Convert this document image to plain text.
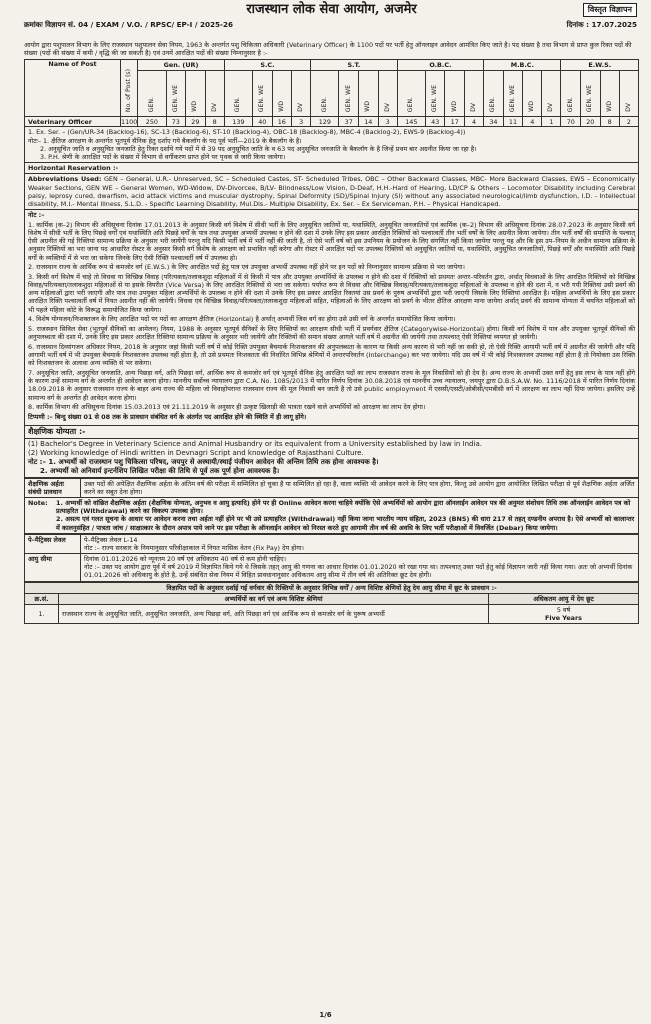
राजस्थान लोक सेवा आयोग, अजमेर	विस्तृत विज्ञापन
क्रमांकः विज्ञापन सं. 04 / EXAM / V.O. / RPSC/ EP-I / 2025-26	दिनांक : 17.07.2025

आयोग द्वारा पशुपालन विभाग के लिए राजस्थान पशुपालन सेवा नियम, 1963 के अन्तर्गत पशु चिकित्सा अधिकारी (Veterinary Officer) के 1100 पदों पर भर्ती हेतु ऑनलाइन आवेदन आमंत्रित किए जाते है। पद संख्या है तथा विभाग से प्राप्त कुल रिक्त पदों की संख्या (पदों की संख्या में कमी / वृद्धि की जा सकती है) एवं उनमें आरक्षित पदों की संख्या निम्नानुसार है :-

Name of Post	No. of Post (s)	Gen. (UR)				S.C.				S.T.				O.B.C.				M.B.C.				E.W.S.			
		GEN.	GEN. WE	WD	DV	GEN.	GEN. WE	WD	DV	GEN.	GEN. WE	WD	DV	GEN.	GEN. WE	WD	DV	GEN.	GEN. WE	WD	DV	GEN.	GEN. WE	WD	DV
Veterinary Officer	1100	250	73	29	8	139	40	16	3	129	37	14	3	145	43	17	4	34	11	4	1	70	20	8	2

1. Ex. Ser. – (Gen/UR-34 (Backlog-16), SC-13 (Backlog-6), ST-10 (Backlog-4), OBC-18 (Backlog-8), MBC-4 (Backlog-2), EWS-9 (Backlog-4))

नोटः– 1. क्षैतिज आरक्षण के अन्तर्गत भूतपूर्व सैनिक हेतु दर्शाए गये बैकलॉग के पद पूर्व भर्ती—2019 के बैकलॉग के है।

2. अनुसूचित जाति व अनुसूचित जनजाति हेतु रिक्त दर्शाये गये पदों में से 39 पद अनुसूचित जाति के व 63 पद अनुसूचित जनजाति के बैकलॉग के है जिन्हें प्रथम बार अग्रनीत किया जा रहा है।

3. P.H. श्रेणी के आरक्षित पदों के संख्या में विभाग से वर्गीकरण प्राप्त होने पर पृथक से जारी किया जायेगा।

Horizontal Reservation :-

Abbreviations Used: GEN – General, U.R.- Unreserved, SC – Scheduled Castes, ST- Scheduled Tribes, OBC – Other Backward Classes, MBC- More Backward Classes, EWS – Economically Weaker Sections, GEN WE – General Women, WD-Widow, DV-Divorcee, B/LV- Blindness/Low Vision, D-Deaf, H.H.-Hard of Hearing, LD/CP & Others – Locomotor Disability including Cerebral palsy, leprosy cured, dwarfism, acid attack victims and muscular dystrophy, Spinal Deformity (SD)/Spinal Injury (SI) without any associated neurological/limb dysfunction, I.D. - Intellectual disability, M.I.- Mental Illness, S.L.D. - Specific Learning Disability, Mul.Dis.- Multiple Disability, Ex. Ser. – Ex Serviceman, P.H. – Physical Handicaped.

नोट :–

1. कार्मिक (क–2) विभाग की अधिसूचना दिनांक 17.01.2013 के अनुसार किसी वर्ग विशेष में सीधी भर्ती के लिए अनुसूचित जातियों या, यथास्थिति, अनुसूचित जनजातियों एवं कार्मिक (क–2) विभाग की अधिसूचना दिनांक 28.07.2023 के अनुसार किसी वर्ग विशेष में सीधी भर्ती के लिए पिछड़े वर्गों एवं यथास्थिति अति पिछड़े वर्गों के पात्र तथा उपयुक्त अभ्यर्थी उपलब्ध न होने की दशा में उनके लिए इस प्रकार आरक्षित रिक्तियों को पश्चात्वर्ती तीन भर्ती वर्षों के लिए अग्रनीत किया जायेगा। तीन भर्ती वर्षों की समाप्ति के पश्चात् ऐसी अग्रनीत की गई रिक्तियां सामान्य प्रक्रिया के अनुसार भरी जायेंगी परन्तु यदि किसी भर्ती वर्ष में भर्ती नहीं की जाती है, तो ऐसे भर्ती वर्ष को इस उपनियम के प्रयोजन के लिए संगणित नहीं किया जायेगा परन्तु यह और कि इस उप–नियम के अधीन सामान्य प्रक्रिया के अनुसार रिक्तियों का भरा जाना पद आधारित रोस्टर के अनुसार किसी वर्ग विशेष के आरक्षण को प्रभावित नहीं करेगा और रोस्टर में आरक्षित पदों पर उपलब्ध रिक्तियों को अनुसूचित जातियों या, यथास्थिति, अनुसूचित जनजातियों, पिछड़े वर्गों और यथास्थिति अति पिछड़े वर्गों के व्यक्तियों में से भरा जा सकेगा जिनके लिए ऐसी रिक्ति पश्चात्वर्ती वर्ष में उपलब्ध हो।

2. राजस्थान राज्य के आर्थिक रूप से कमजोर वर्ग (E.W.S.) के लिए आरक्षित पदों हेतु पात्र एवं उपयुक्त अभ्यर्थी उपलब्ध नहीं होने पर इन पदों को निम्नानुसार सामान्य प्रक्रिया से भरा जायेगा।

3. किसी वर्ग विशेष में चाहे तो विधवा या विच्छिन्न विवाह (परित्यक्ता/तलाकशुदा महिलाओं में से किसी में पात्र और उपयुक्त अभ्यर्थियों के उपलब्ध न होने की दशा में रिक्तियों को प्रथमतः अन्तर–परिवर्तन द्वारा, अर्थात् विधवाओं के लिए आरक्षित रिक्तियों को विच्छिन्न विवाह/परित्यक्ता/तलाकशुदा महिलाओं से या इसके विपरीत (Vice Versa) के लिए आरक्षित रिक्तियों से भरा जा सकेगा। पर्याप्त रूप से विधवा और विच्छिन्न विवाह/परित्यक्ता/तलाकशुदा महिलाओं के उपलब्ध न होने की दशा में, न भरी गयी रिक्तियां उसी प्रवर्ग की अन्य महिलाओं द्वारा भरी जाएगी और पात्र तथा उपयुक्त महिला अभ्यर्थियों के उपलब्ध न होने की दशा में उनके लिए इस प्रकार आरक्षित रिक्तयां उस प्रवर्ग के पुरुष अभ्यर्थियों द्वारा भरी जाएगी जिसके लिए रिक्तियां आरक्षित है। महिला अभ्यर्थियों के लिए इस प्रकार आरक्षित रिक्ति पश्चात्वर्ती वर्ष में नियत अग्रनीत नहीं की जायेगी। विधवा एवं विच्छिन्न विवाह/परित्यक्ता/तलाकशुदा महिलाओं सहित, महिलाओं के लिए आरक्षण को प्रवर्ग के भीतर क्षैतिज आरक्षण माना जायेगा अर्थात् प्रवर्ग की सामान्य योग्यता में चयनित महिलाओं को भी पहले महिला कोटे के विरूद्ध समायोजित किया जायेगा।

4. विशेष योग्यजन/निःशक्तजन के लिए आरक्षित पदों पर पदों का आरक्षण क्षैतिज (Horizontal) है अर्थात् अभ्यर्थी जिस वर्ग का होगा उसे उसी वर्ग के अन्तर्गत समायोजित किया जायेगा।

5. राजस्थान सिविल सेवा (भूतपूर्व सैनिकों का आमेलन) नियम, 1988 के अनुसार भूतपूर्व सैनिकों के लिए रिक्तियों का आरक्षण सीधी भर्ती में प्रवर्गवार क्षैतिज (Categorywise-Horizontal) होगा। किसी वर्ग विशेष में पात्र और उपयुक्त भूतपूर्व सैनिकों की अनुपलब्धता की दशा में, उनके लिए इस प्रकार आरक्षित रिक्तियां सामान्य प्रक्रिया के अनुसार भरी जायेंगी और रिक्तियों की समान संख्या आगले भर्ती वर्ष में अग्रनीत की जायेगी तथा तत्पश्चात् ऐसी रिक्तियां व्यपगत हो जायेगी।

6. राजस्थान दिव्यांगजन अधिकार नियम, 2018 के अनुसार जहां किसी भर्ती वर्ष में कोई रिक्ति उपयुक्त बैचमार्क निःशक्तजन की अनुपलब्धता के कारण या किसी अन्य कारण से भरी नहीं जा सकी हो, तो ऐसी रिक्ति आगामी भर्ती वर्ष में अग्रनीत की जायेगी और यदि आगामी भर्ती वर्ष में भी उपयुक्त बैचमार्क निःशक्तजन उपलब्ध नहीं होता है, तो उसे प्रथमतः निःशक्तता की निर्धारित विभिन्न श्रेणियों में अन्तरपरिवर्तन (Interchange) कर भरा जायेगा। यदि उस वर्ष में भी कोई निःशक्तजन उपलब्ध नहीं होता है तो नियोक्ता उस रिक्ति को निःशक्तजन के अलावा अन्य व्यक्ति से भर सकेगा।

7. अनुसूचित जाति, अनुसूचित जनजाति, अन्य पिछड़ा वर्ग, अति पिछड़ा वर्ग, आर्थिक रूप से कमजोर वर्ग एवं भूतपूर्व सैनिक हेतु आरक्षित पदों का लाभ राजस्थान राज्य के मूल निवासियों को ही देय है। अन्य राज्य के अभ्यर्थी उक्त वर्गों हेतु इस लाभ के पात्र नहीं होंगे के कारण उन्हें सामान्य वर्ग के अन्तर्गत ही आवेदन करना होगा। माननीय सर्वोच्च न्यायालय द्वारा C.A. No. 1085/2013 में पारित निर्णय दिनांक 30.08.2018 एवं माननीय उच्च न्यायालय, जयपुर द्वारा D.B.S.A.W. No. 1116/2018 में पारित निर्णय दिनांक 18.09.2018 के अनुसार राजस्थान राज्य के बाहर अन्य राज्य की महिला जो विवाहोपरान्त राजस्थान राज्य की मूल निवासी बन जाती है तो उसे public employment में एससी/एसटी/ओबीसी/एमबीसी वर्ग में आरक्षण का लाभ नहीं दिया जायेगा। इसलिए उन्हें सामान्य वर्ग के अन्तर्गत ही आवेदन करना होगा।

8. कार्मिक विभाग की अधिसूचना दिनांक 15.03.2013 एवं 21.11.2019 के अनुसार ही उत्कृष्ट खिलाड़ी की पात्रता रखने वाले अभ्यर्थियों को आरक्षण का लाभ देय होगा।

टिप्पणी :– बिन्दु संख्या 01 से 08 तक के प्रावधान संबंधित वर्ग के अंतर्गत पद आरक्षित होने की स्थिति में ही लागू होंगे।

शैक्षणिक योग्यता :-

(1) Bachelor's Degree in Veterinary Science and Animal Husbandry or its equivalent from a University established by law in India.

(2) Working knowledge of Hindi written in Devnagri Script and knowledge of Rajasthani Culture.

नोट :– 1. अभ्यर्थी को राजस्थान पशु चिकित्सा परिषद, जयपुर से अस्थायी/स्थाई पंजीयन आवेदन की अन्तिम तिथि तक होना आवश्यक है।

2. अभ्यर्थी को अनिवार्य इन्टर्नशिप लिखित परीक्षा की तिथि से पूर्व तक पूर्ण होना आवश्यक है।

शैक्षणिक अर्हता संबंधी प्रावधान	उक्त पदों की अपेक्षित शैक्षणिक अर्हता के अंतिम वर्ष की परीक्षा में सम्मिलित हो चुका है या सम्मिलित हो रहा है, वाला व्यक्ति भी आवेदन करने के लिए पात्र होगा, किन्तु उसे आयोग द्वारा आयोजित लिखित परीक्षा से पूर्व शैक्षणिक अर्हता अर्जित करने का सबूत देना होगा।
Note:	1. अभ्यर्थी को वांछित शैक्षणिक अर्हता (शैक्षणिक योग्यता, अनुभव व आयु इत्यादि) होने पर ही Online आवेदन करना चाहिये क्योंकि ऐसे अभ्यर्थियों को आयोग द्वारा ऑनलाईन आवेदन पत्र की अनुमत संशोधन तिथि तक ऑनलाईन आवेदन पत्र को प्रत्याहरित (Withdrawal) करने का विकल्प उपलब्ध होगा।

2. असत्य एवं गलत सूचना के आधार पर आवेदन करना तथा अर्हता नहीं होने पर भी उसे प्रत्याहरित (Withdrawal) नहीं किया जाना भारतीय न्याय संहिता, 2023 (BNS) की धारा 217 से तहत् दण्डनीय अपराध है। ऐसे अभ्यर्थी को कालान्तर में कालनुसंहित / पात्रता जांच / साक्षात्कार के दौरान अपात्र पाये जाने पर इस परीक्षा के ऑनलाईन आवेदन को निरस्त करते हुए आगामी तीन वर्ष की अवधि के लिए भर्ती परीक्षाओं में विवर्जित (Debar) किया जायेगा।

पे–मैट्रिक्स लेवल	पे–मैट्रिक्स लेवल L-14

नोट :– राज्य सरकार के नियमानुसार परिवीक्षाकाल में नियत मासिक वेतन (Fix Pay) देय होगा।

आयु सीमा	दिनांक 01.01.2026 को न्यूनतम 20 वर्ष एवं अधिकतम 40 वर्ष से कम होनी चाहिए।

नोट :– उक्त पद आयोग द्वारा पूर्व में वर्ष 2019 में विज्ञापित किये गये थे जिसके तहत् आयु की गणना का आधार दिनांक 01.01.2020 को रखा गया था। तत्पश्चात् उक्त पदों हेतु कोई विज्ञापन जारी नहीं किया गया। अतः जो अभ्यर्थी दिनांक 01.01.2026 को अधिकायु के होते है, उन्हें संबंधित सेवा नियम में विहित प्रावधानानुसार अधिकतम आयु सीमा में तीन वर्ष की अतिरिक्त छूट देय होगी।

विज्ञापित पदों के अनुसार दर्शाई गई वर्गवार की रिक्तियों के अनुसार विभिन्न वर्गों / अन्य विशिष्ट श्रेणियों हेतु देय आयु सीमा में छूट के प्रावधान :-		
क्र.सं.	अभ्यर्थियों का वर्ग एवं अन्य विशिष्ट श्रेणियां	अधिकतम आयु में देय छूट
1.	राजस्थान राज्य के अनुसूचित जाति, अनुसूचित जनजाति, अन्य पिछड़ा वर्ग, अति पिछड़ा वर्ग एवं आर्थिक रूप से कमजोर वर्ग के पुरूष अभ्यर्थी	5 वर्ष
Five Years
1/6
